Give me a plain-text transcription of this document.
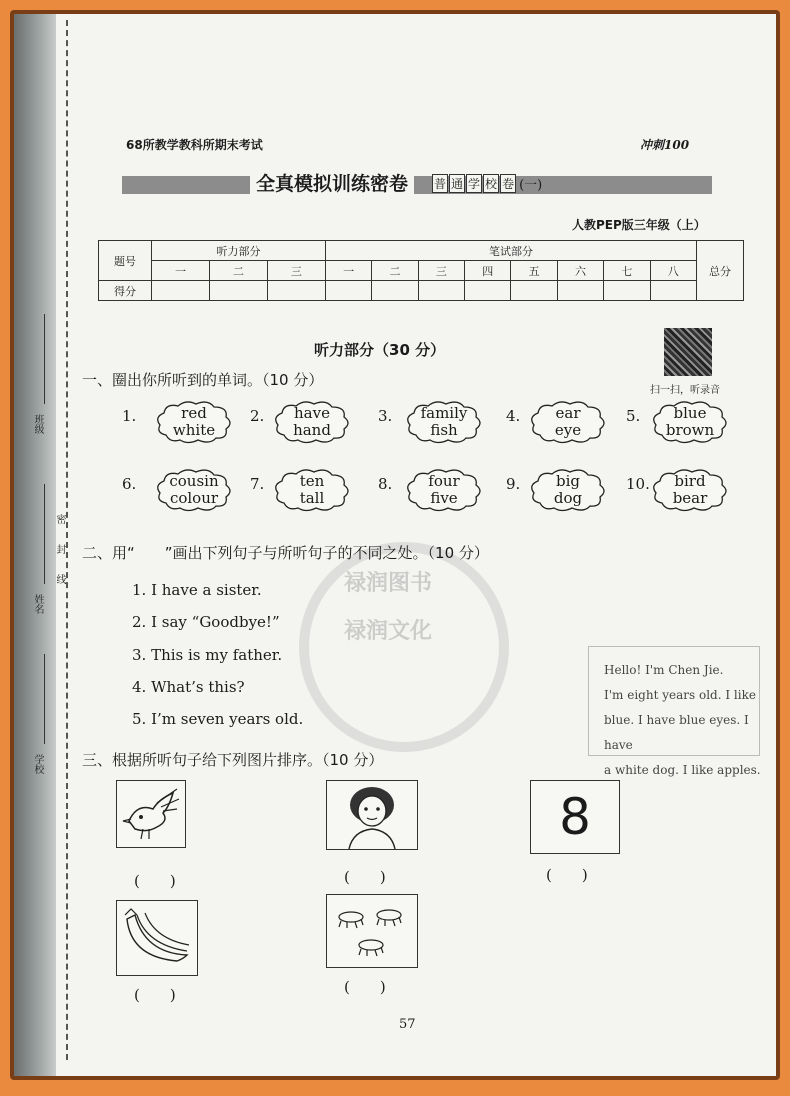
班级
姓名
密
封
线
学校
68所教学教科所期末考试	冲刺100
全真模拟训练密卷	普 通 学 校 卷 (一)
人教PEP版三年级（上）
题号	听力部分			笔试部分								总分
	一	二	三	一	二	三	四	五	六	七	八	
得分												
禄润图书
禄润文化
听力部分（30 分）
扫一扫，听录音
一、圈出你所听到的单词。（10 分）
1.	red
white
2.	have
hand
3.	family
fish
4.	ear
eye
5.	blue
brown
6.	cousin
colour
7.	ten
tall
8.	four
five
9.	big
dog
10.	bird
bear
二、用“　　”画出下列句子与所听句子的不同之处。（10 分）
1. I have a sister.
2. I say “Goodbye!”
3. This is my father.
4. What’s this?
5. I’m seven years old.
Hello! I'm Chen Jie.
I'm eight years old. I like
blue. I have blue eyes. I have
a white dog. I like apples.
三、根据所听句子给下列图片排序。（10 分）
(　　)	(　　)
8
(　　)
(　　)	(　　)
57
